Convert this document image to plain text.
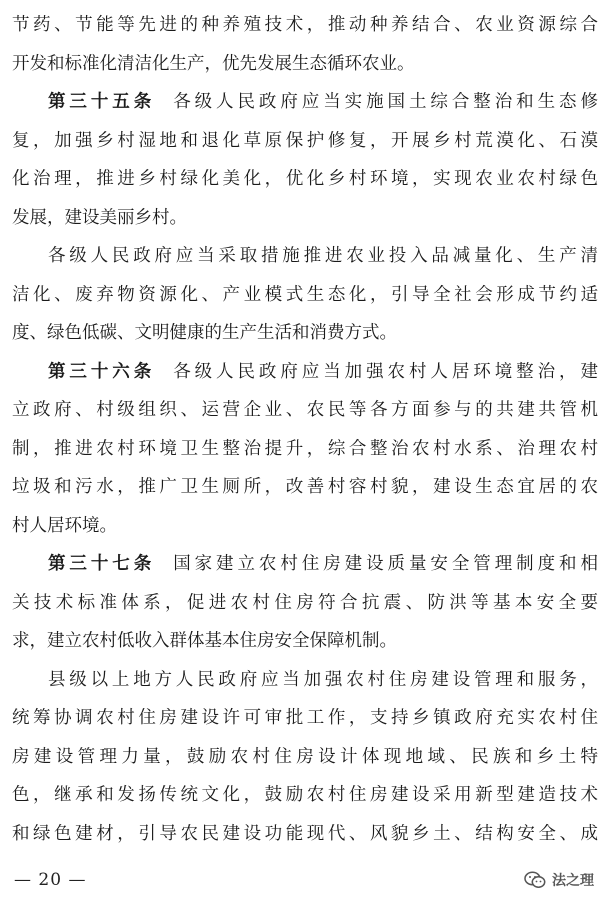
节药、节能等先进的种养殖技术，推动种养结合、农业资源综合
开发和标准化清洁化生产，优先发展生态循环农业。
第三十五条 各级人民政府应当实施国土综合整治和生态修
复，加强乡村湿地和退化草原保护修复，开展乡村荒漠化、石漠
化治理，推进乡村绿化美化，优化乡村环境，实现农业农村绿色
发展，建设美丽乡村。
各级人民政府应当采取措施推进农业投入品减量化、生产清
洁化、废弃物资源化、产业模式生态化，引导全社会形成节约适
度、绿色低碳、文明健康的生产生活和消费方式。
第三十六条 各级人民政府应当加强农村人居环境整治，建
立政府、村级组织、运营企业、农民等各方面参与的共建共管机
制，推进农村环境卫生整治提升，综合整治农村水系、治理农村
垃圾和污水，推广卫生厕所，改善村容村貌，建设生态宜居的农
村人居环境。
第三十七条 国家建立农村住房建设质量安全管理制度和相
关技术标准体系，促进农村住房符合抗震、防洪等基本安全要
求，建立农村低收入群体基本住房安全保障机制。
县级以上地方人民政府应当加强农村住房建设管理和服务，
统筹协调农村住房建设许可审批工作，支持乡镇政府充实农村住
房建设管理力量，鼓励农村住房设计体现地域、民族和乡土特
色，继承和发扬传统文化，鼓励农村住房建设采用新型建造技术
和绿色建材，引导农民建设功能现代、风貌乡土、结构安全、成
— 20 —	法之理
